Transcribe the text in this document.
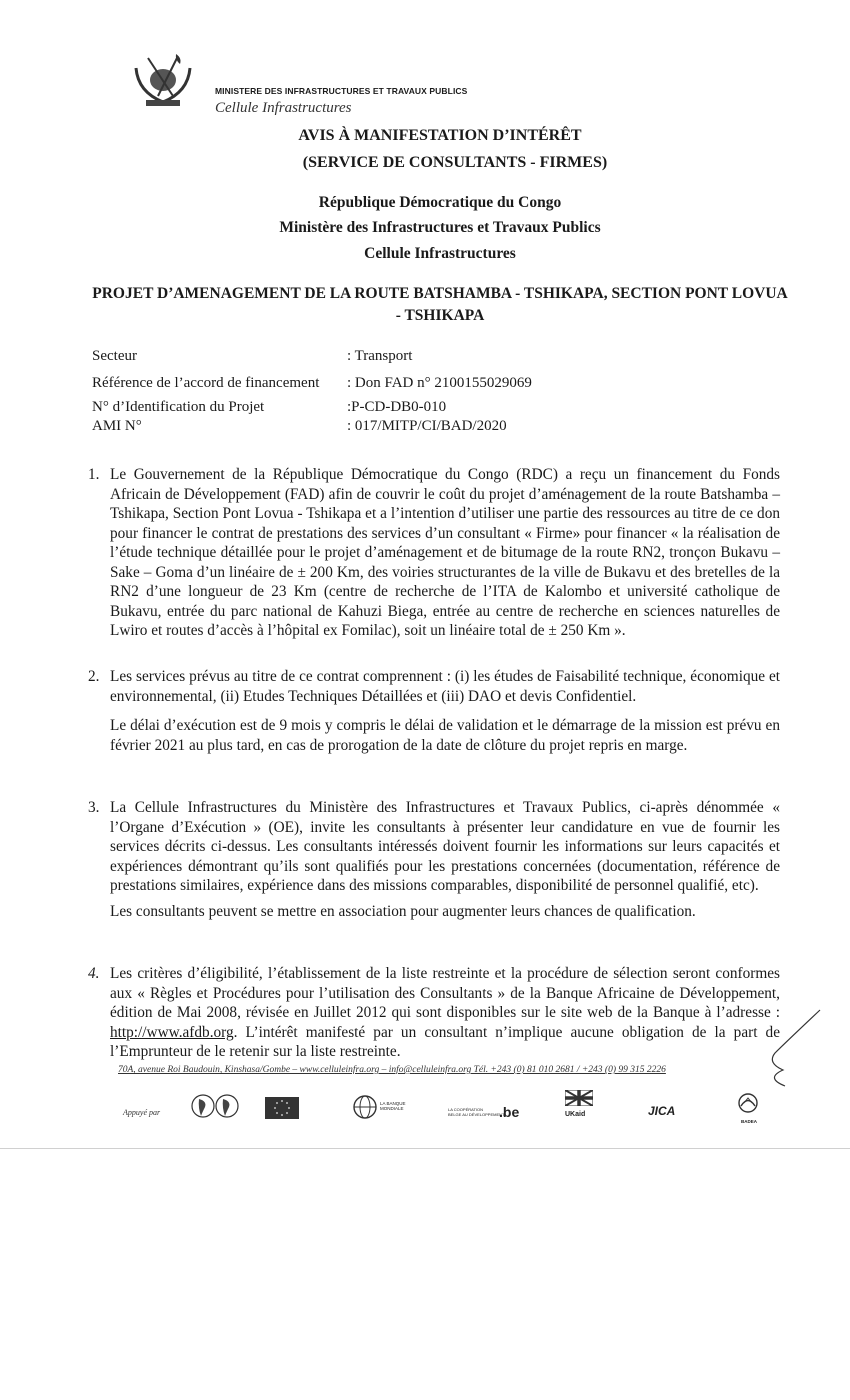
MINISTERE DES INFRASTRUCTURES ET TRAVAUX PUBLICS
Cellule Infrastructures
AVIS À MANIFESTATION D’INTÉRÊT
(SERVICE DE CONSULTANTS - FIRMES)
République Démocratique du Congo
Ministère des Infrastructures et Travaux Publics
Cellule Infrastructures
PROJET D’AMENAGEMENT DE LA ROUTE BATSHAMBA - TSHIKAPA, SECTION PONT LOVUA - TSHIKAPA
Secteur	: Transport
Référence de l’accord de financement : Don FAD n° 2100155029069
N° d’Identification du Projet	:P-CD-DB0-010
AMI N°	: 017/MITP/CI/BAD/2020
1. Le Gouvernement de la République Démocratique du Congo (RDC) a reçu un financement du Fonds Africain de Développement (FAD) afin de couvrir le coût du projet d’aménagement de la route Batshamba – Tshikapa, Section Pont Lovua - Tshikapa et a l’intention d’utiliser une partie des ressources au titre de ce don pour financer le contrat de prestations des services d’un consultant « Firme» pour financer « la réalisation de l’étude technique détaillée pour le projet d’aménagement et de bitumage de la route RN2, tronçon Bukavu – Sake – Goma d’un linéaire de ± 200 Km, des voiries structurantes de la ville de Bukavu et des bretelles de la RN2 d’une longueur de 23 Km (centre de recherche de l’ITA de Kalombo et université catholique de Bukavu, entrée du parc national de Kahuzi Biega, entrée au centre de recherche en sciences naturelles de Lwiro et routes d’accès à l’hôpital ex Fomilac), soit un linéaire total de ± 250 Km ».

2. Les services prévus au titre de ce contrat comprennent : (i) les études de Faisabilité technique, économique et environnemental, (ii) Etudes Techniques Détaillées et (iii) DAO et devis Confidentiel.

Le délai d’exécution est de 9 mois y compris le délai de validation et le démarrage de la mission est prévu en février 2021 au plus tard, en cas de prorogation de la date de clôture du projet repris en marge.

3. La Cellule Infrastructures du Ministère des Infrastructures et Travaux Publics, ci-après dénommée « l’Organe d’Exécution » (OE), invite les consultants à présenter leur candidature en vue de fournir les services décrits ci-dessus. Les consultants intéressés doivent fournir les informations sur leurs capacités et expériences démontrant qu’ils sont qualifiés pour les prestations concernées (documentation, référence de prestations similaires, expérience dans des missions comparables, disponibilité de personnel qualifié, etc).

Les consultants peuvent se mettre en association pour augmenter leurs chances de qualification.

4. Les critères d’éligibilité, l’établissement de la liste restreinte et la procédure de sélection seront conformes aux « Règles et Procédures pour l’utilisation des Consultants » de la Banque Africaine de Développement, édition de Mai 2008, révisée en Juillet 2012 qui sont disponibles sur le site web de la Banque à l’adresse : http://www.afdb.org. L’intérêt manifesté par un consultant n’implique aucune obligation de la part de l’Emprunteur de le retenir sur la liste restreinte.

70A, avenue Roi Baudouin, Kinshasa/Gombe – www.celluleinfra.org – info@celluleinfra.org Tél. +243 (0) 81 010 2681 / +243 (0) 99 315 2226
Appuyé par
LA BANQUE
MONDIALE	LA COOPÉRATION
BELGE AU DÉVELOPPEMENT
.be	UKaid	JICA
BADEA
